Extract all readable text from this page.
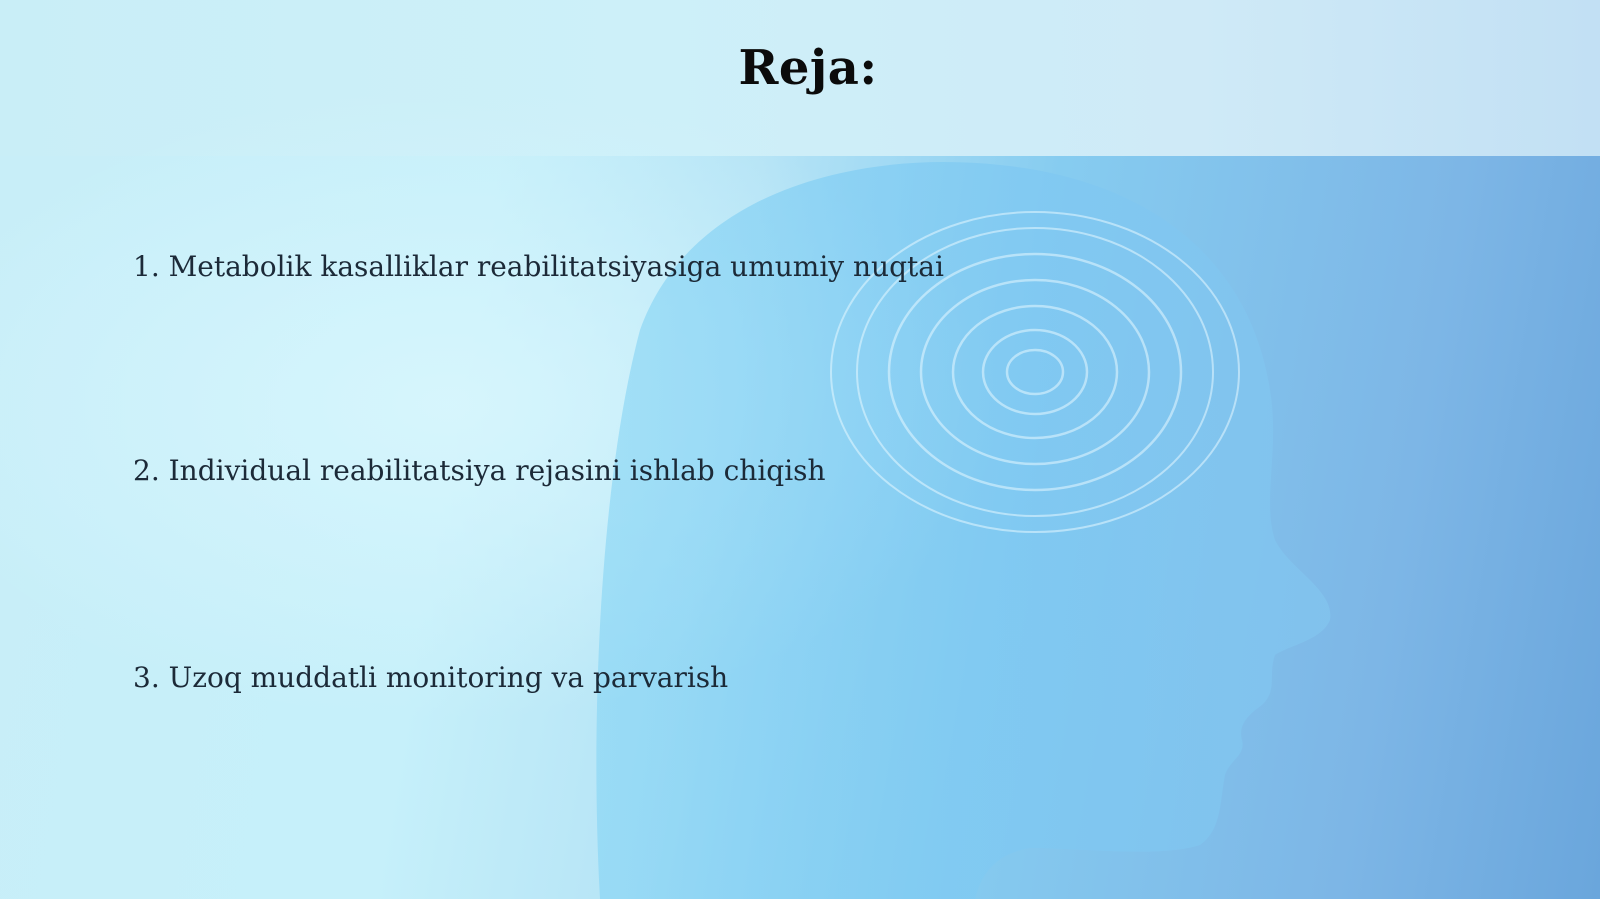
Reja:
1. Metabolik kasalliklar reabilitatsiyasiga umumiy nuqtai
2. Individual reabilitatsiya rejasini ishlab chiqish
3. Uzoq muddatli monitoring va parvarish
